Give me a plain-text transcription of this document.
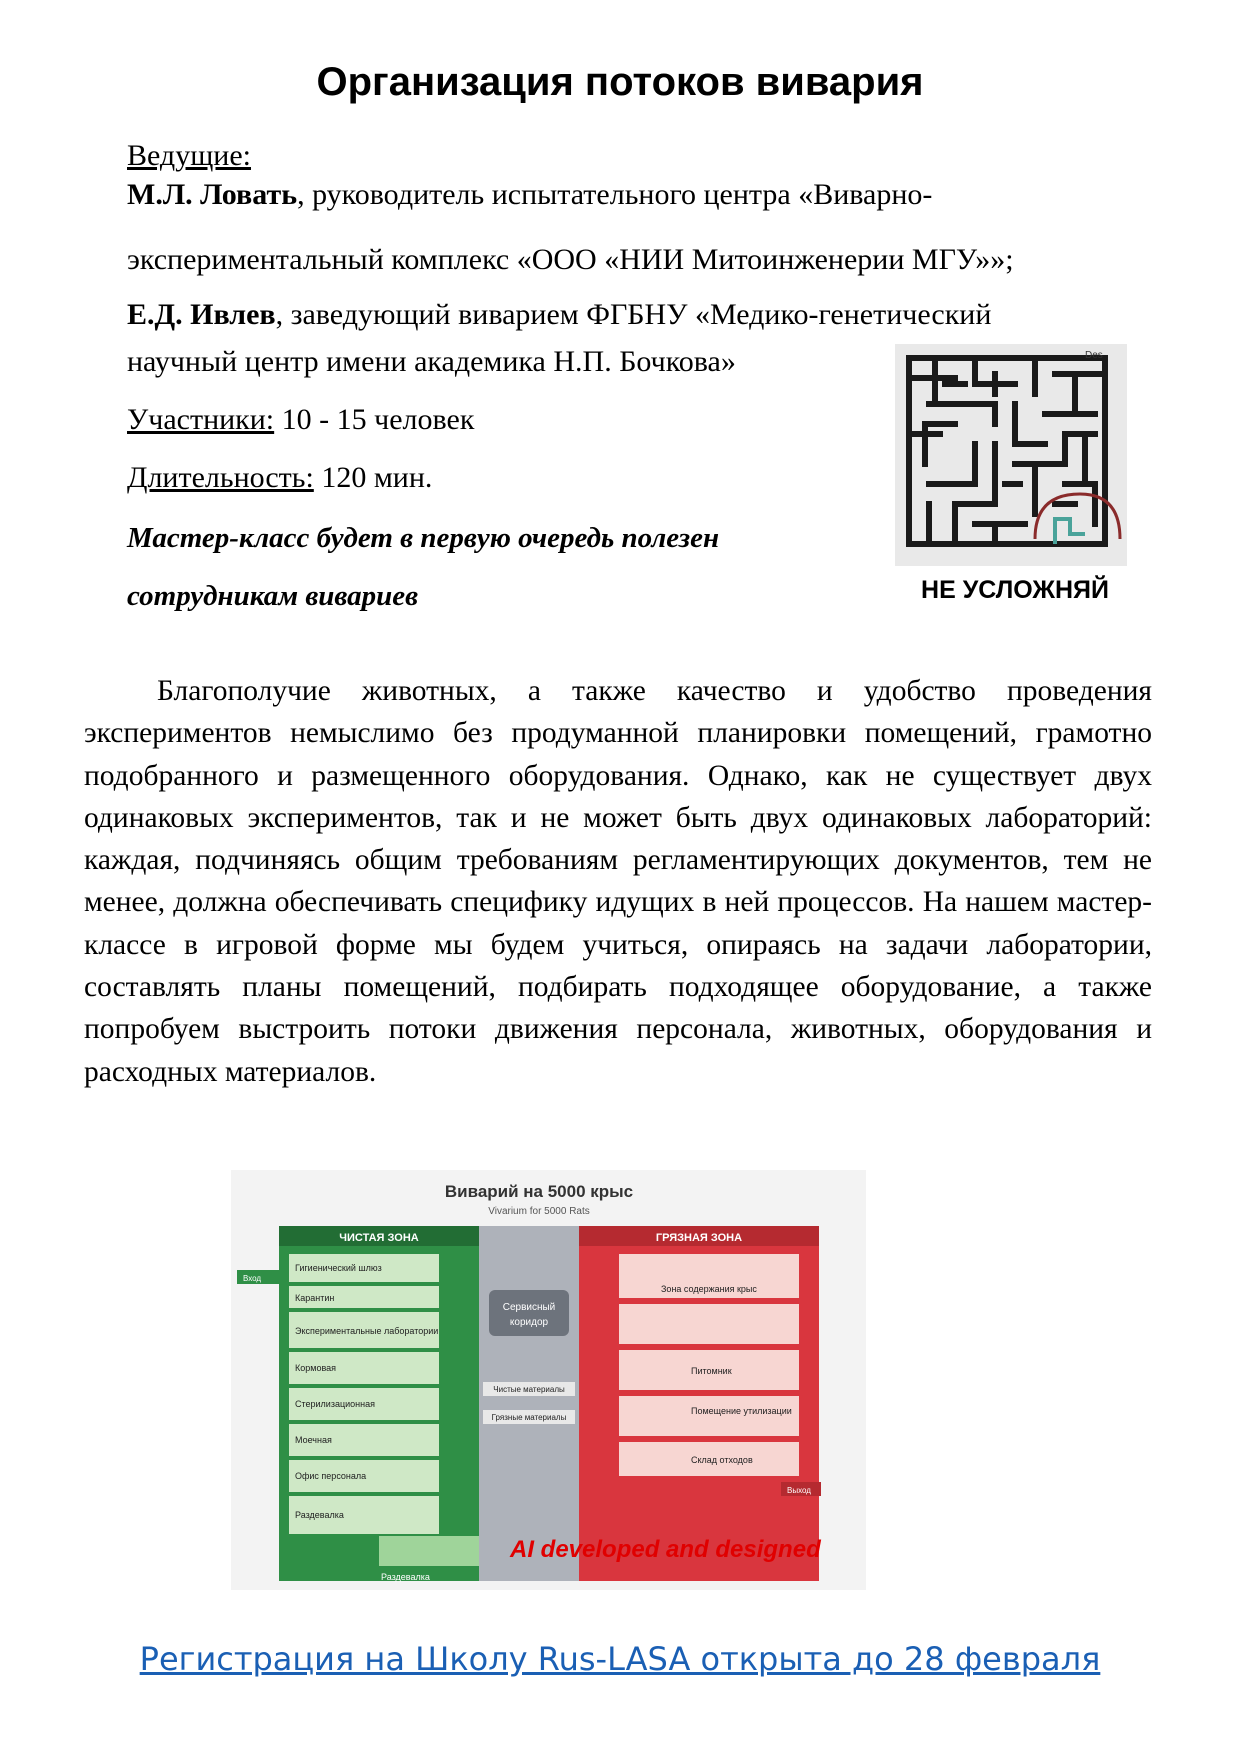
Организация потоков вивария
Ведущие:
М.Л. Ловать, руководитель испытательного центра «Виварно-
экспериментальный комплекс «ООО «НИИ Митоинженерии МГУ»»;
Е.Д. Ивлев, заведующий виварием ФГБНУ «Медико-генетический
научный центр имени академика Н.П. Бочкова»
Участники: 10 - 15 человек
Длительность: 120 мин.
Мастер-класс будет в первую очередь полезен
сотрудникам вивариев
Des
НЕ УСЛОЖНЯЙ
Благополучие животных, а также качество и удобство проведения экспериментов немыслимо без продуманной планировки помещений, грамотно подобранного и размещенного оборудования. Однако, как не существует двух одинаковых экспериментов, так и не может быть двух одинаковых лабораторий: каждая, подчиняясь общим требованиям регламентирующих документов, тем не менее, должна обеспечивать специфику идущих в ней процессов. На нашем мастер-классе в игровой форме мы будем учиться, опираясь на задачи лаборатории, составлять планы помещений, подбирать подходящее оборудование, а также попробуем выстроить потоки движения персонала, животных, оборудования и расходных материалов.
Виварий на 5000 крыс
Vivarium for 5000 Rats
ЧИСТАЯ ЗОНА
Сервисный
коридор
ГРЯЗНАЯ ЗОНА
Гигиенический шлюз
Карантин
Экспериментальные лаборатории
Кормовая
Стерилизационная
Моечная
Офис персонала
Раздевалка
Раздевалка
Вход
Чистые материалы
Грязные материалы
Зона содержания крыс
Питомник
Помещение утилизации
Склад отходов
Выход
AI developed and designed
Регистрация на Школу Rus-LASA открыта до 28 февраля
